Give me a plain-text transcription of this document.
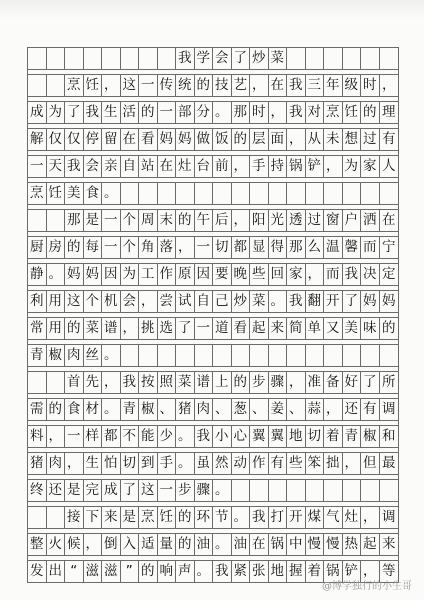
我 学 会 了 炒 菜

烹 饪 ， 这 一 传 统 的 技 艺 ， 在 我 三 年 级 时 ，
成 为 了 我 生 活 的 一 部 分 。 那 时 ， 我 对 烹 饪 的 理
解 仅 仅 停 留 在 看 妈 妈 做 饭 的 层 面 ， 从 未 想 过 有
一 天 我 会 亲 自 站 在 灶 台 前 ， 手 持 锅 铲 ， 为 家 人
烹 饪 美 食 。

那 是 一 个 周 末 的 午 后 ， 阳 光 透 过 窗 户 洒 在
厨 房 的 每 一 个 角 落 ， 一 切 都 显 得 那 么 温 馨 而 宁
静 。 妈 妈 因 为 工 作 原 因 要 晚 些 回 家 ， 而 我 决 定
利 用 这 个 机 会 ， 尝 试 自 己 炒 菜 。 我 翻 开 了 妈 妈
常 用 的 菜 谱 ， 挑 选 了 一 道 看 起 来 简 单 又 美 味 的
青 椒 肉 丝 。

首 先 ， 我 按 照 菜 谱 上 的 步 骤 ， 准 备 好 了 所
需 的 食 材 。 青 椒 、 猪 肉 、 葱 、 姜 、 蒜 ， 还 有 调
料 ， 一 样 都 不 能 少 。 我 小 心 翼 翼 地 切 着 青 椒 和
猪 肉 ， 生 怕 切 到 手 。 虽 然 动 作 有 些 笨 拙 ， 但 最
终 还 是 完 成 了 这 一 步 骤 。

接 下 来 是 烹 饪 的 环 节 。 我 打 开 煤 气 灶 ， 调
整 火 候 ， 倒 入 适 量 的 油 。 油 在 锅 中 慢 慢 热 起 来
发 出 “ 滋 滋 ” 的 响 声 。 我 紧 张 地 握 着 锅 铲 ， 等
@博学独行的小生哥
